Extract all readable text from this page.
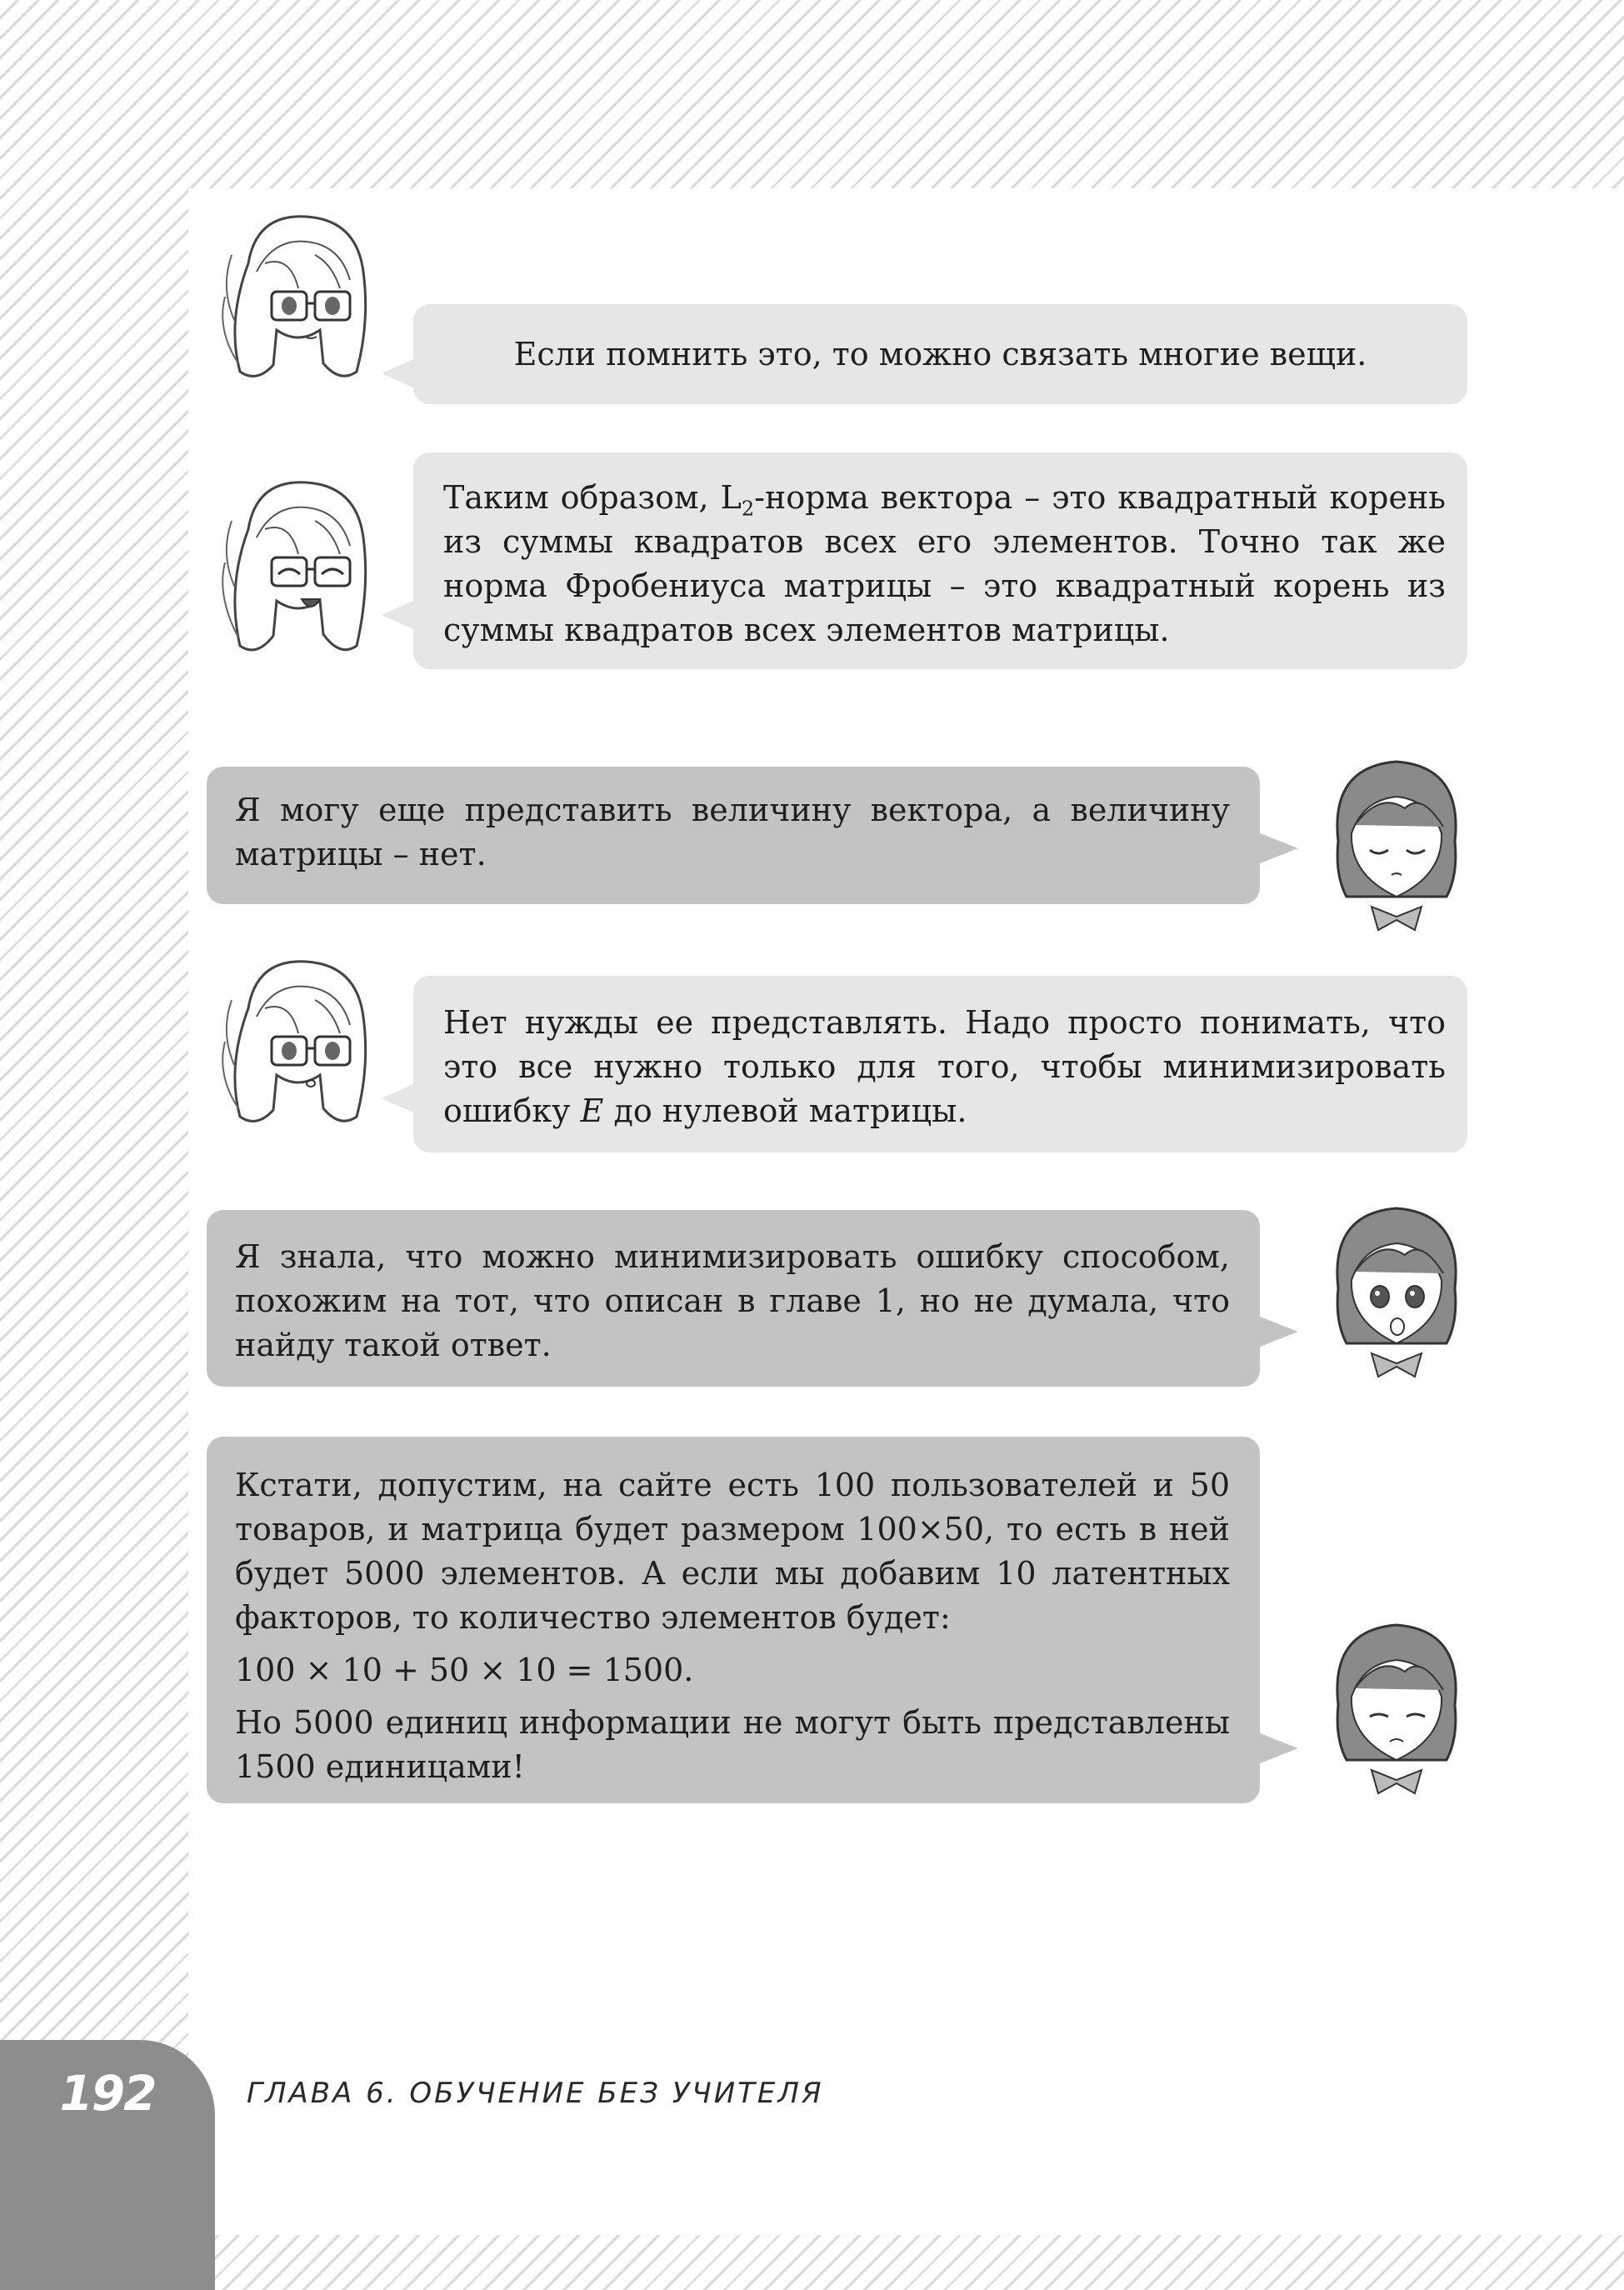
Если помнить это, то можно связать многие вещи.

Таким образом, $L_2$-норма вектора – это квадратный корень из суммы квадратов всех его элементов. Точно так же норма Фробениуса матрицы – это квадратный корень из суммы квадратов всех элементов матрицы.

Я могу еще представить величину вектора, а величину матрицы – нет.

Нет нужды ее представлять. Надо просто понимать, что это все нужно только для того, чтобы минимизировать ошибку E до нулевой матрицы.

Я знала, что можно минимизировать ошибку способом, похожим на тот, что описан в главе 1, но не думала, что найду такой ответ.

Кстати, допустим, на сайте есть 100 пользователей и 50 товаров, и матрица будет размером 100×50, то есть в ней будет 5000 элементов. А если мы добавим 10 латентных факторов, то количество элементов будет:

100 × 10 + 50 × 10 = 1500.

Но 5000 единиц информации не могут быть представлены 1500 единицами!

192	ГЛАВА 6. ОБУЧЕНИЕ БЕЗ УЧИТЕЛЯ
